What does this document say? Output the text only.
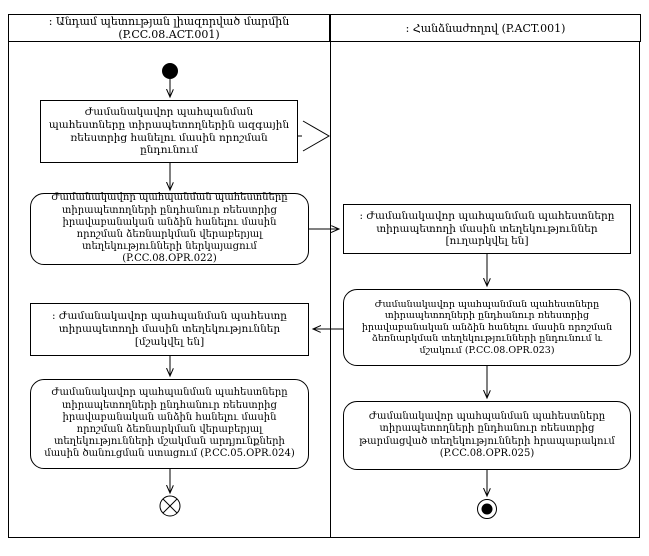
: Անդամ պետության լիազորված մարմին (P.CC.08.ACT.001)	: Հանձնաժողով (P.ACT.001)
Ժամանակավոր պահպանման պահեստները տիրապետողներին ազգային ռեեստրից հանելու մասին որոշման ընդունում
Ժամանակավոր պահպանման պահեստները տիրապետողների ընդհանուր ռեեստրից իրավաբանական անձին հանելու մասին որոշման ձեռնարկման վերաբերյալ տեղեկությունների ներկայացում (P.CC.08.OPR.022)
: Ժամանակավոր պահպանման պահեստը տիրապետողի մասին տեղեկություններ [մշակվել են]
Ժամանակավոր պահպանման պահեստները տիրապետողների ընդհանուր ռեեստրից իրավաբանական անձին հանելու մասին որոշման ձեռնարկման վերաբերյալ տեղեկությունների մշակման արդյունքների մասին ծանուցման ստացում (P.CC.05.OPR.024)
: Ժամանակավոր պահպանման պահեստները տիրապետողի մասին տեղեկություններ [ուղարկվել են]
Ժամանակավոր պահպանման պահեստները տիրապետողների ընդհանուր ռեեստրից իրավաբանական անձին հանելու մասին որոշման ձեռնարկման տեղեկությունների ընդունում և մշակում (P.CC.08.OPR.023)
Ժամանակավոր պահպանման պահեստները տիրապետողների ընդհանուր ռեեստրից թարմացված տեղեկությունների հրապարակում (P.CC.08.OPR.025)
